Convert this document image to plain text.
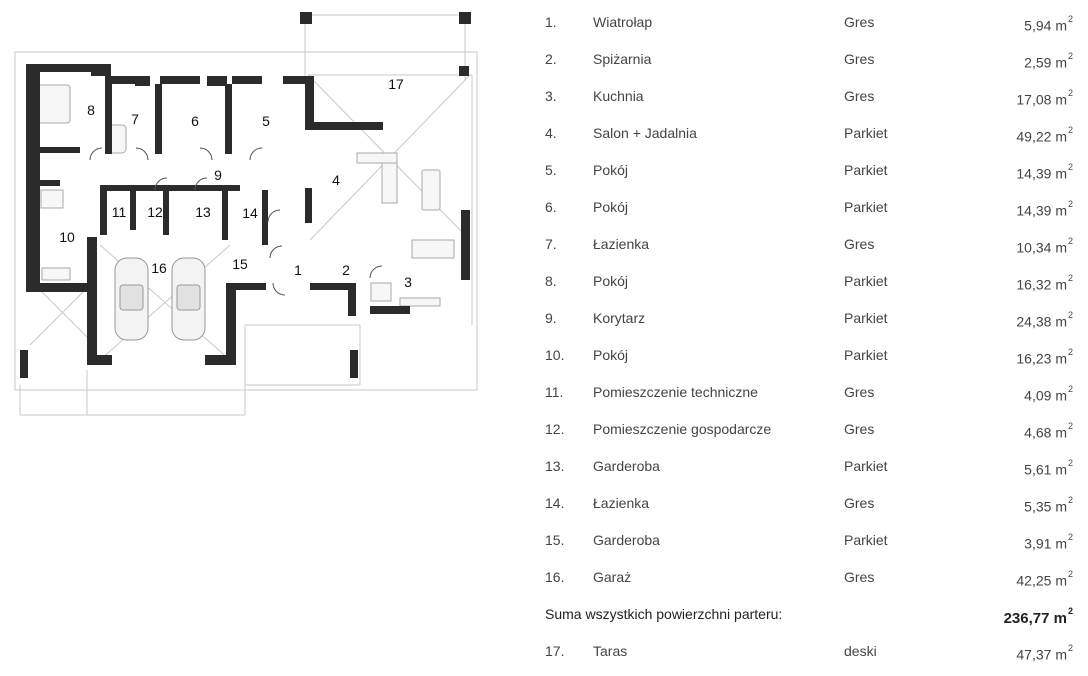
1	2
3
4
5
6
7
8
9
10
11 12 13 14
15
16
17
1.	Wiatrołap	Gres	5,94 $m^2$
2.	Spiżarnia	Gres	2,59 $m^2$
3.	Kuchnia	Gres	17,08 $m^2$
4.	Salon + Jadalnia	Parkiet	49,22 $m^2$
5.	Pokój	Parkiet	14,39 $m^2$
6.	Pokój	Parkiet	14,39 $m^2$
7.	Łazienka	Gres	10,34 $m^2$
8.	Pokój	Parkiet	16,32 $m^2$
9.	Korytarz	Parkiet	24,38 $m^2$
10. Pokój	Parkiet	16,23 $m^2$
11. Pomieszczenie techniczne	Gres	4,09 $m^2$
12. Pomieszczenie gospodarcze	Gres	4,68 $m^2$
13. Garderoba	Parkiet	5,61 $m^2$
14. Łazienka	Gres	5,35 $m^2$
15. Garderoba	Parkiet	3,91 $m^2$
16. Garaż	Gres	42,25 $m^2$
Suma wszystkich powierzchni parteru:	236,77 $m^2$
17. Taras	deski	47,37 $m^2$
